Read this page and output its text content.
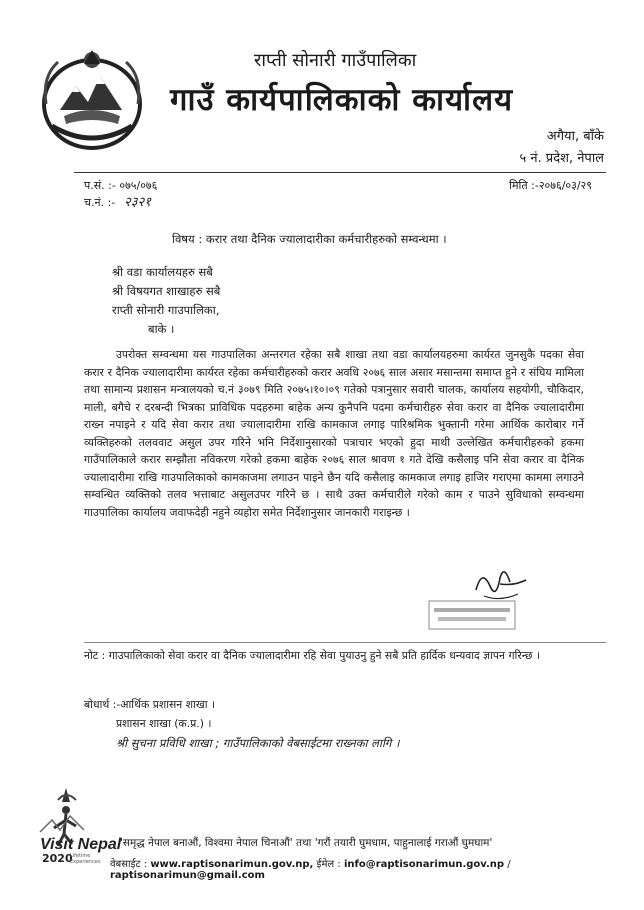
राप्ती सोनारी गाउँपालिका
गाउँ कार्यपालिकाको कार्यालय
अगैया, बाँके
५ नं. प्रदेश, नेपाल
प.सं. :- ०७५/०७६	मिति :-२०७६/०३/२९
च.नं. :- २३२१
विषय : करार तथा दैनिक ज्यालादारीका कर्मचारीहरुको सम्वन्धमा ।
श्री वडा कार्यालयहरु सबै
श्री विषयगत शाखाहरु सबै
राप्ती सोनारी गाउपालिका,
बाके ।

उपरोक्त सम्वन्धमा यस गाउपालिका अन्तरगत रहेका सबै शाखा तथा वडा कार्यालयहरुमा कार्यरत जुनसुकै पदका सेवा करार र दैनिक ज्यालादारीमा कार्यरत रहेका कर्मचारीहरुको करार अवधि २०७६ साल असार मसान्तमा समाप्त हुने र संघिय मामिला तथा सामान्य प्रशासन मन्त्रालयको च.नं ३०७९ मिति २०७५।१०।०९ गतेको पत्रानुसार सवारी चालक, कार्यालय सहयोगी, चौकिदार, माली, बगैचे र दरबन्दी भित्रका प्राविधिक पदहरुमा बाहेक अन्य कुनैपनि पदमा कर्मचारीहरु सेवा करार वा दैनिक ज्यालादारीमा राख्न नपाइने र यदि सेवा करार तथा ज्यालादारीमा राखि कामकाज लगाइ पारिश्रमिक भुक्तानी गरेमा आर्थिक कारोबार गर्ने व्यक्तिहरुको तलववाट असुल उपर गरिने भनि निर्देशानुसारको पत्राचार भएको हुदा माथी उल्लेखित कर्मचारीहरुको हकमा गाउँपालिकाले करार सम्झौता नविकरण गरेको हकमा बाहेक २०७६ साल श्रावण १ गते देखि कसैलाइ पनि सेवा करार वा दैनिक ज्यालादारीमा राखि गाउपालिकाको कामकाजमा लगाउन पाइने छैन यदि कसैलाइ कामकाज लगाइ हाजिर गराएमा काममा लगाउने सम्वन्धित व्यक्तिको तलव भत्ताबाट असुलउपर गरिने छ । साथै उक्त कर्मचारीले गरेको काम र पाउने सुविधाको सम्वन्धमा गाउपालिका कार्यालय जवाफदेही नहुने व्यहोरा समेत निर्देशानुसार जानकारी गराइन्छ ।

नोट : गाउपालिकाको सेवा करार वा दैनिक ज्यालादारीमा रहि सेवा पुयाउनु हुने सबै प्रति हार्दिक धन्यवाद ज्ञापन गरिन्छ ।

बोधार्थ :-आर्थिक प्रशासन शाखा ।
प्रशासन शाखा (क.प्र.) ।
श्री सुचना प्रविधि शाखा ; गाउँपालिकाको वेबसाईटमा राख्नका लागि ।
Visit Nepal
2020
Lifetime Experiences
'समृद्ध नेपाल बनाऔं, विश्वमा नेपाल चिनाऔं' तथा 'गरौं तयारी घुमधाम, पाहुनालाई गराऔं घुमघाम'
वेबसाईट : www.raptisonarimun.gov.np, ईमेल : info@raptisonarimun.gov.np / raptisonarimun@gmail.com
